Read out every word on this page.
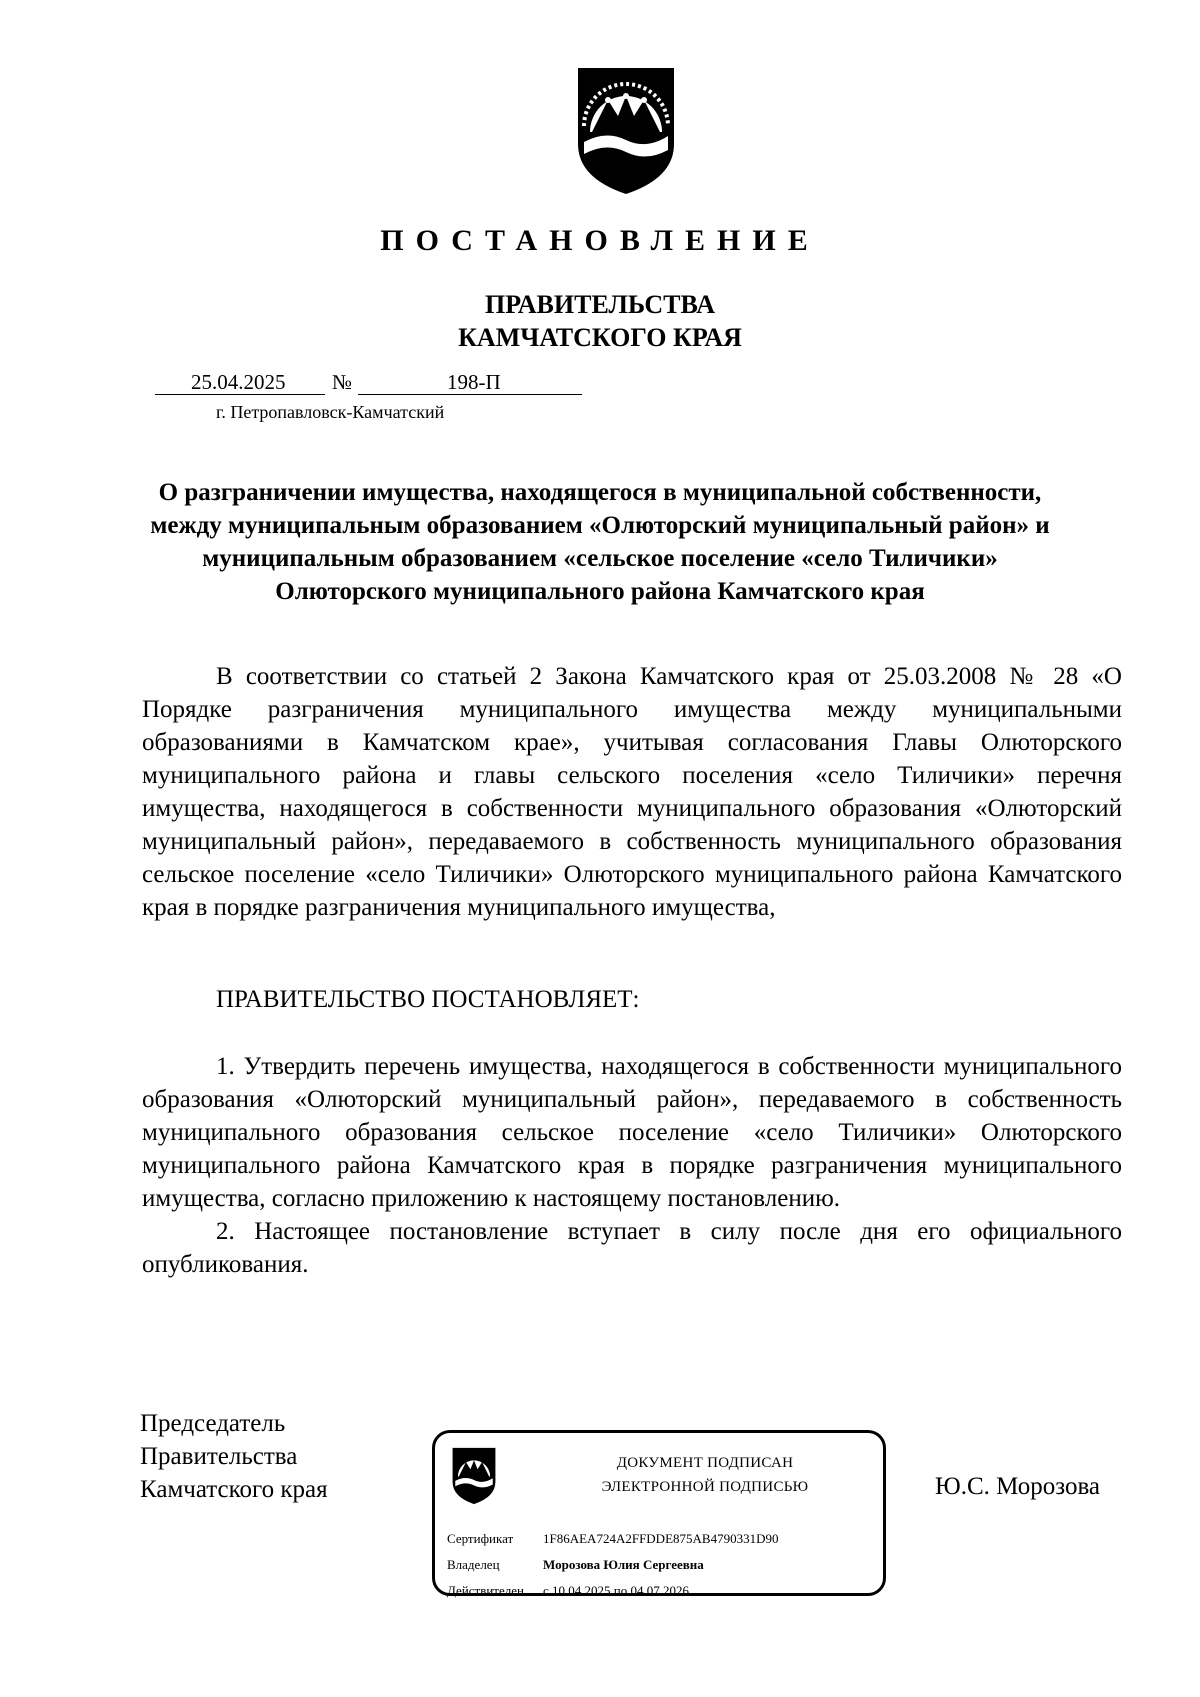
ПОСТАНОВЛЕНИЕ
ПРАВИТЕЛЬСТВА
КАМЧАТСКОГО КРАЯ
25.04.2025 №	198-П
г. Петропавловск-Камчатский
О разграничении имущества, находящегося в муниципальной собственности, между муниципальным образованием «Олюторский муниципальный район» и муниципальным образованием «сельское поселение «село Тиличики» Олюторского муниципального района Камчатского края

В соответствии со статьей 2 Закона Камчатского края от 25.03.2008 № 28 «О Порядке разграничения муниципального имущества между муниципальными образованиями в Камчатском крае», учитывая согласования Главы Олюторского муниципального района и главы сельского поселения «село Тиличики» перечня имущества, находящегося в собственности муниципального образования «Олюторский муниципальный район», передаваемого в собственность муниципального образования сельское поселение «село Тиличики» Олюторского муниципального района Камчатского края в порядке разграничения муниципального имущества,

ПРАВИТЕЛЬСТВО ПОСТАНОВЛЯЕТ:

1. Утвердить перечень имущества, находящегося в собственности муниципального образования «Олюторский муниципальный район», передаваемого в собственность муниципального образования сельское поселение «село Тиличики» Олюторского муниципального района Камчатского края в порядке разграничения муниципального имущества, согласно приложению к настоящему постановлению.

2. Настоящее постановление вступает в силу после дня его официального опубликования.

Председатель
Правительства
Камчатского края
ДОКУМЕНТ ПОДПИСАН
ЭЛЕКТРОННОЙ ПОДПИСЬЮ
Сертификат 1F86AEA724A2FFDDE875AB4790331D90
Владелец	Морозова Юлия Сергеевна
Действителен с 10.04.2025 по 04.07.2026
Ю.С. Морозова
